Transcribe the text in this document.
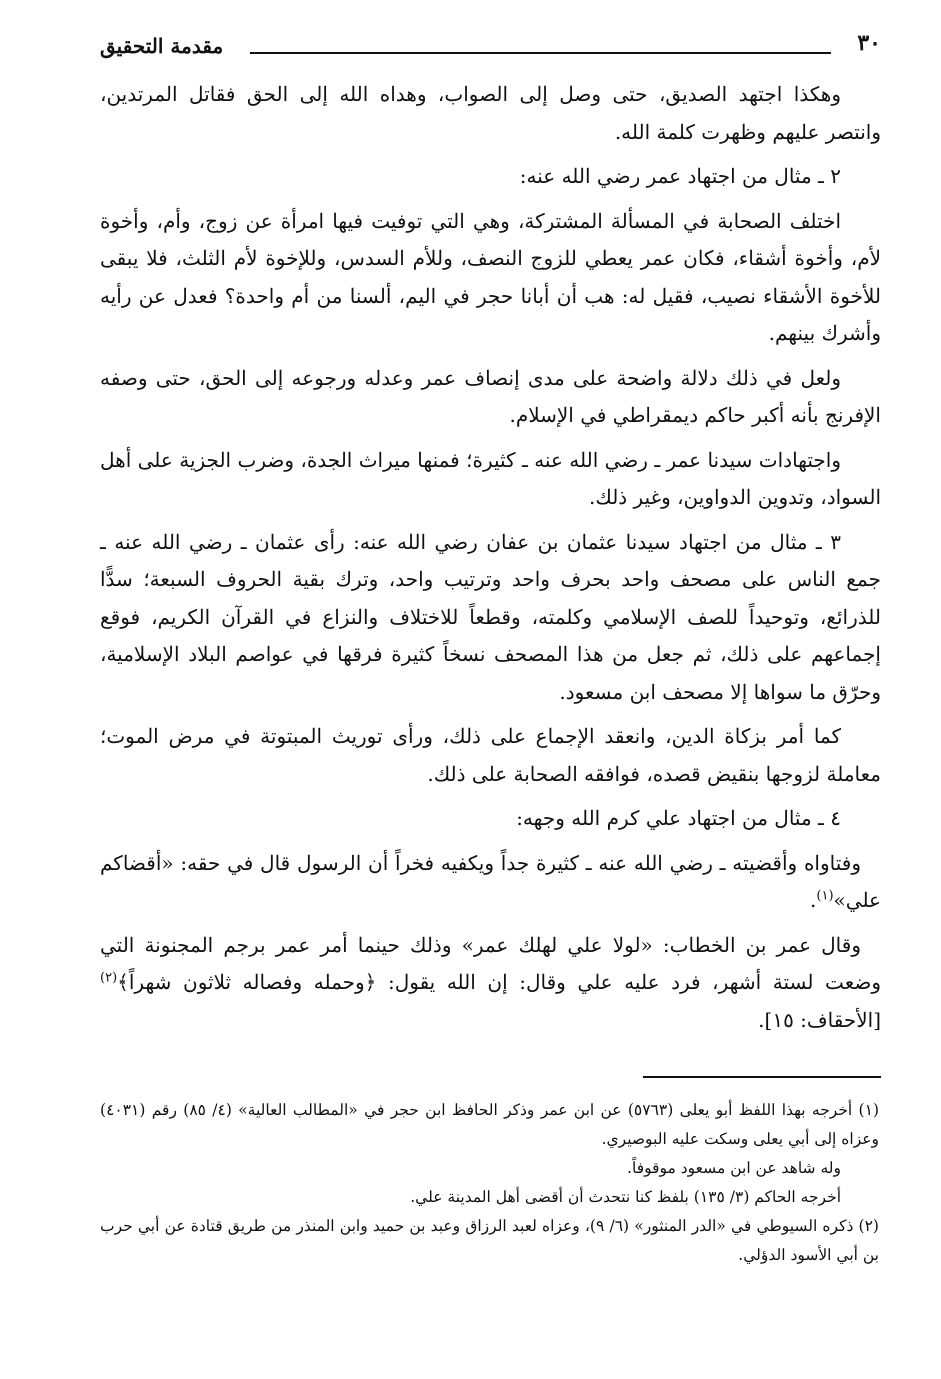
٣٠
مقدمة التحقيق

وهكذا اجتهد الصديق، حتى وصل إلى الصواب، وهداه الله إلى الحق فقاتل المرتدين، وانتصر عليهم وظهرت كلمة الله.

٢ ـ مثال من اجتهاد عمر رضي الله عنه:

اختلف الصحابة في المسألة المشتركة، وهي التي توفيت فيها امرأة عن زوج، وأم، وأخوة لأم، وأخوة أشقاء، فكان عمر يعطي للزوج النصف، وللأم السدس، وللإخوة لأم الثلث، فلا يبقى للأخوة الأشقاء نصيب، فقيل له: هب أن أبانا حجر في اليم، ألسنا من أم واحدة؟ فعدل عن رأيه وأشرك بينهم.

ولعل في ذلك دلالة واضحة على مدى إنصاف عمر وعدله ورجوعه إلى الحق، حتى وصفه الإفرنج بأنه أكبر حاكم ديمقراطي في الإسلام.

واجتهادات سيدنا عمر ـ رضي الله عنه ـ كثيرة؛ فمنها ميراث الجدة، وضرب الجزية على أهل السواد، وتدوين الدواوين، وغير ذلك.

٣ ـ مثال من اجتهاد سيدنا عثمان بن عفان رضي الله عنه: رأى عثمان ـ رضي الله عنه ـ جمع الناس على مصحف واحد بحرف واحد وترتيب واحد، وترك بقية الحروف السبعة؛ سدًّا للذرائع، وتوحيداً للصف الإسلامي وكلمته، وقطعاً للاختلاف والنزاع في القرآن الكريم، فوقع إجماعهم على ذلك، ثم جعل من هذا المصحف نسخاً كثيرة فرقها في عواصم البلاد الإسلامية، وحرّق ما سواها إلا مصحف ابن مسعود.

كما أمر بزكاة الدين، وانعقد الإجماع على ذلك، ورأى توريث المبتوتة في مرض الموت؛ معاملة لزوجها بنقيض قصده، فوافقه الصحابة على ذلك.

٤ ـ مثال من اجتهاد علي كرم الله وجهه:

وفتاواه وأقضيته ـ رضي الله عنه ـ كثيرة جداً ويكفيه فخراً أن الرسول قال في حقه: «أقضاكم علي»$^{(١)}$.

وقال عمر بن الخطاب: «لولا علي لهلك عمر» وذلك حينما أمر عمر برجم المجنونة التي وضعت لستة أشهر، فرد عليه علي وقال: إن الله يقول: ﴿وحمله وفصاله ثلاثون شهراً﴾$^{(٢)}$ [الأحقاف: ١٥].

(١) أخرجه بهذا اللفظ أبو يعلى (٥٧٦٣) عن ابن عمر وذكر الحافظ ابن حجر في «المطالب العالية» (٤/ ٨٥) رقم (٤٠٣١) وعزاه إلى أبي يعلى وسكت عليه البوصيري.

وله شاهد عن ابن مسعود موقوفاً.

أخرجه الحاكم (٣/ ١٣٥) بلفظ كنا نتحدث أن أقضى أهل المدينة علي.

(٢) ذكره السيوطي في «الدر المنثور» (٦/ ٩)، وعزاه لعبد الرزاق وعبد بن حميد وابن المنذر من طريق قتادة عن أبي حرب بن أبي الأسود الدؤلي.
